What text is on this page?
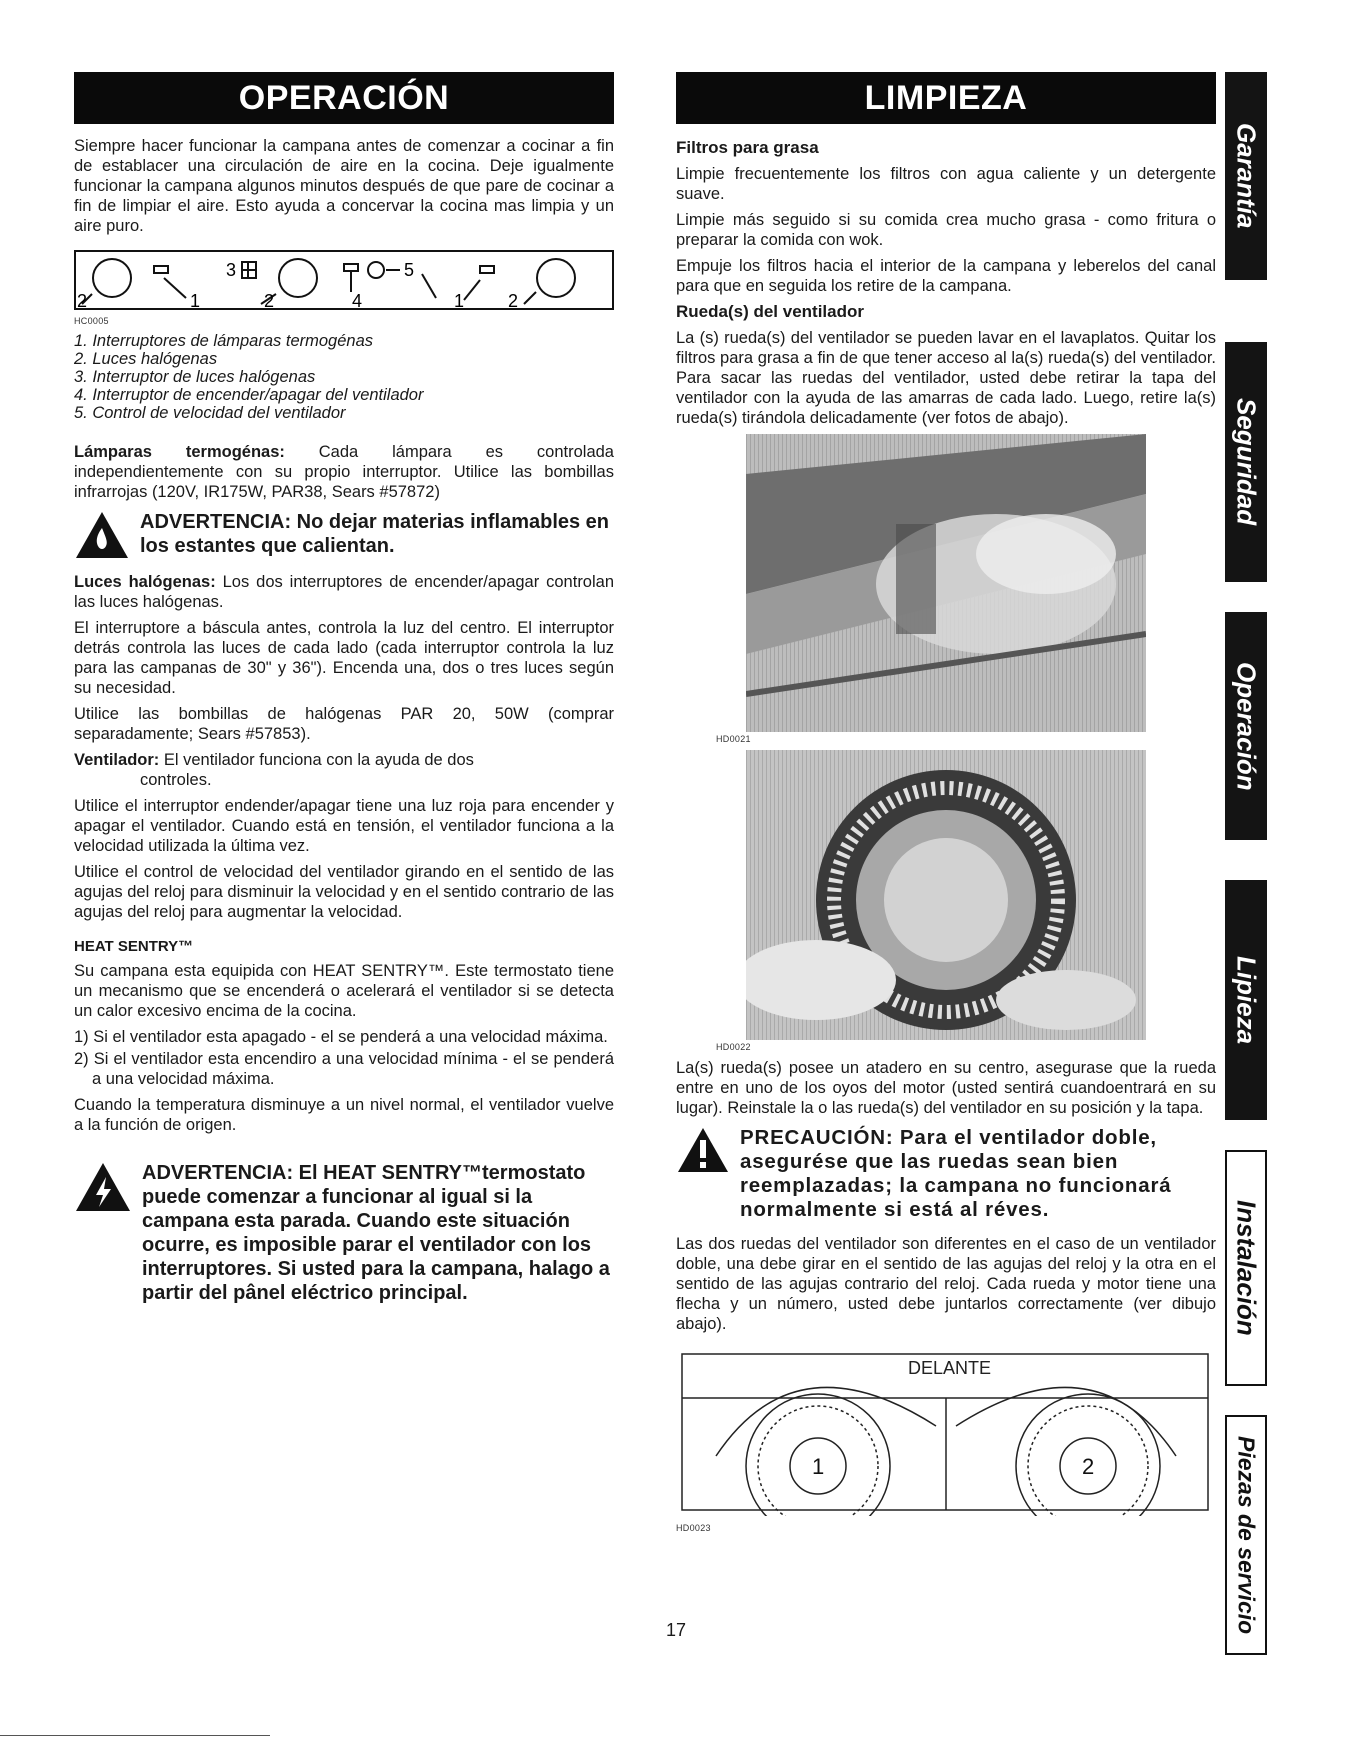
OPERACIÓN

Siempre hacer funcionar la campana antes de comenzar a cocinar a fin de establacer una circulación de aire en la cocina. Deje igualmente funcionar la campana algunos minutos después de que pare de cocinar a fin de limpiar el aire. Esto ayuda a concervar la cocina mas limpia y un aire puro.

2	1
3
2	4
5
1 2
HC0005
1. Interruptores de lámparas termogénas
2. Luces halógenas
3. Interruptor de luces halógenas
4. Interruptor de encender/apagar del ventilador
5. Control de velocidad del ventilador

Lámparas termogénas: Cada lámpara es controlada independientemente con su propio interruptor. Utilice las bombillas infrarrojas (120V, IR175W, PAR38, Sears #57872)

ADVERTENCIA: No dejar materias inflamables en los estantes que calientan.

Luces halógenas: Los dos interruptores de encender/apagar controlan las luces halógenas.

El interruptore a báscula antes, controla la luz del centro. El interruptor detrás controla las luces de cada lado (cada interruptor controla la luz para las campanas de 30" y 36"). Encenda una, dos o tres luces según su necesidad.

Utilice las bombillas de halógenas PAR 20, 50W (comprar separadamente; Sears #57853).

Ventilador: El ventilador funciona con la ayuda de dos

controles.

Utilice el interruptor endender/apagar tiene una luz roja para encender y apagar el ventilador. Cuando está en tensión, el ventilador funciona a la velocidad utilizada la última vez.

Utilice el control de velocidad del ventilador girando en el sentido de las agujas del reloj para disminuir la velocidad y en el sentido contrario de las agujas del reloj para augmentar la velocidad.

HEAT SENTRY™

Su campana esta equipida con HEAT SENTRY™. Este termostato tiene un mecanismo que se encenderá o acelerará el ventilador si se detecta un calor excesivo encima de la cocina.

1) Si el ventilador esta apagado - el se penderá a una velocidad máxima.

2) Si el ventilador esta encendiro a una velocidad mínima - el se penderá a una velocidad máxima.

Cuando la temperatura disminuye a un nivel normal, el ventilador vuelve a la función de origen.

ADVERTENCIA: El HEAT SENTRY™termostato puede comenzar a funcionar al igual si la campana esta parada. Cuando este situación ocurre, es imposible parar el ventilador con los interruptores. Si usted para la campana, halago a partir del pânel eléctrico principal.
LIMPIEZA
Filtros para grasa

Limpie frecuentemente los filtros con agua caliente y un detergente suave.

Limpie más seguido si su comida crea mucho grasa - como fritura o preparar la comida con wok.

Empuje los filtros hacia el interior de la campana y leberelos del canal para que en seguida los retire de la campana.

Rueda(s) del ventilador

La (s) rueda(s) del ventilador se pueden lavar en el lavaplatos. Quitar los filtros para grasa a fin de que tener acceso al la(s) rueda(s) del ventilador. Para sacar las ruedas del ventilador, usted debe retirar la tapa del ventilador con la ayuda de las amarras de cada lado. Luego, retire la(s) rueda(s) tirándola delicadamente (ver fotos de abajo).

HD0021
HD0022

La(s) rueda(s) posee un atadero en su centro, asegurase que la rueda entre en uno de los oyos del motor (usted sentirá cuandoentrará en su lugar). Reinstale la o las rueda(s) del ventilador en su posición y la tapa.

PRECAUCIÓN: Para el ventilador doble, asegurése que las ruedas sean bien reemplazadas; la campana no funcionará normalmente si está al réves.

Las dos ruedas del ventilador son diferentes en el caso de un ventilador doble, una debe girar en el sentido de las agujas del reloj y la otra en el sentido de las agujas contrario del reloj. Cada rueda y motor tiene una flecha y un número, usted debe juntarlos correctamente (ver dibujo abajo).

DELANTE
1	2
HD0023
Garantía
Seguridad
Operación
Lipieza
Instalación
Piezas de servicio
17
